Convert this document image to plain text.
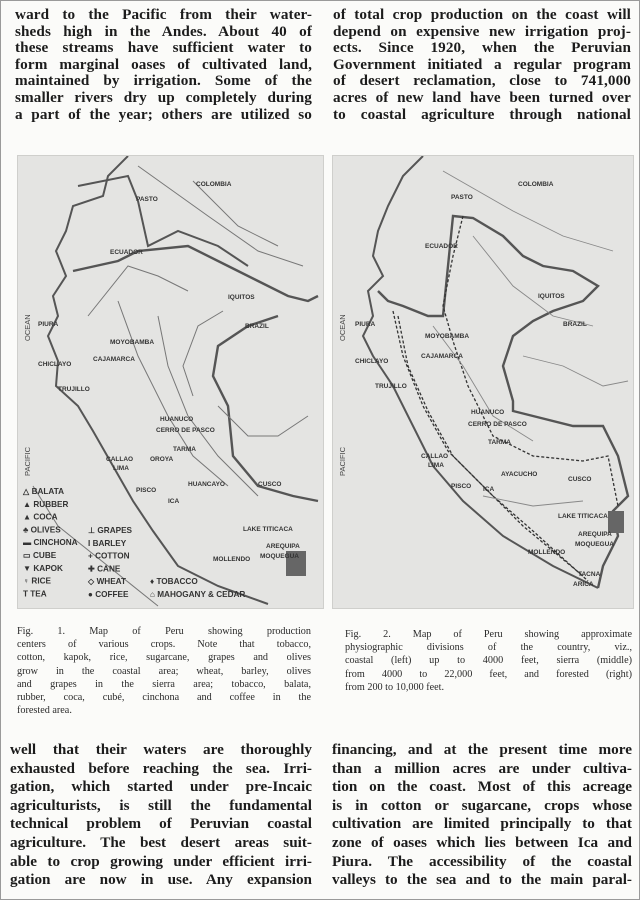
ward to the Pacific from their water-
sheds high in the Andes. About 40 of
these streams have sufficient water to
form marginal oases of cultivated land,
maintained by irrigation. Some of the
smaller rivers dry up completely during
a part of the year; others are utilized so
of total crop production on the coast will
depend on expensive new irrigation proj-
ects. Since 1920, when the Peruvian
Government initiated a regular program
of desert reclamation, close to 741,000
acres of new land have been turned over
to coastal agriculture through national
COLOMBIA
PASTO
ECUADOR
BRAZIL
IQUITOS
OCEAN
PACIFIC
PIURA
CHICLAYO
TRUJILLO
MOYOBAMBA
CAJAMARCA
HUANUCO
CERRO DE PASCO
TARMA
CALLAO
LIMA
OROYA
PISCO
ICA
HUANCAYO	CUSCO
LAKE TITICACA
AREQUIPA
MOQUEGUA
MOLLENDO
△ BALATA
▲ RUBBER
▲ COCA
♣ OLIVES
▬ CINCHONA
▭ CUBE
▼ KAPOK
♀ RICE
T TEA
⊥ GRAPES
I BARLEY
+ COTTON
✚ CANE
◇ WHEAT
● COFFEE
♦ TOBACCO
⌂ MAHOGANY & CEDAR
COLOMBIA
PASTO
ECUADOR
BRAZIL
IQUITOS
OCEAN
PACIFIC
PIURA
CHICLAYO
TRUJILLO
MOYOBAMBA
CAJAMARCA
HUANUCO
CERRO DE PASCO
TARMA
CALLAO
LIMA
PISCO ICA
AYACUCHO
CUSCO
LAKE TITICACA
AREQUIPA
MOQUEGUA
MOLLENDO
TACNA
ARICA
Fig. 1. Map of Peru showing production
centers of various crops. Note that tobacco,
cotton, kapok, rice, sugarcane, grapes and olives
grow in the coastal area; wheat, barley, olives
and grapes in the sierra area; tobacco, balata,
rubber, coca, cubé, cinchona and coffee in the
forested area.
Fig. 2. Map of Peru showing approximate
physiographic divisions of the country, viz.,
coastal (left) up to 4000 feet, sierra (middle)
from 4000 to 22,000 feet, and forested (right)
from 200 to 10,000 feet.
well that their waters are thoroughly
exhausted before reaching the sea. Irri-
gation, which started under pre-Incaic
agriculturists, is still the fundamental
technical problem of Peruvian coastal
agriculture. The best desert areas suit-
able to crop growing under efficient irri-
gation are now in use. Any expansion
financing, and at the present time more
than a million acres are under cultiva-
tion on the coast. Most of this acreage
is in cotton or sugarcane, crops whose
cultivation are limited principally to that
zone of oases which lies between Ica and
Piura. The accessibility of the coastal
valleys to the sea and to the main paral-
